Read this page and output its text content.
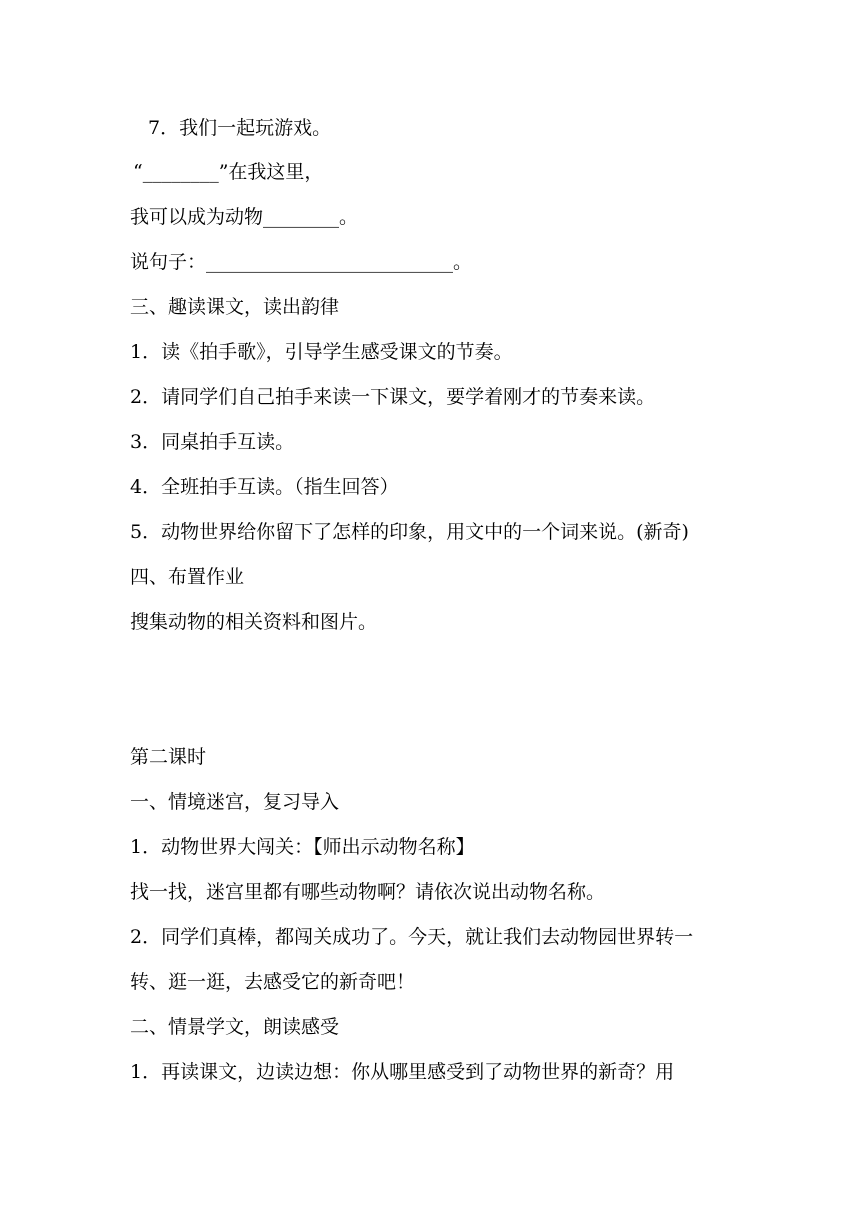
7．我们一起玩游戏。
“________”在我这里，
我可以成为动物________。
说句子：__________________________。
三、趣读课文，读出韵律
1．读《拍手歌》，引导学生感受课文的节奏。
2．请同学们自己拍手来读一下课文，要学着刚才的节奏来读。
3．同桌拍手互读。
4．全班拍手互读。（指生回答）
5．动物世界给你留下了怎样的印象，用文中的一个词来说。(新奇)
四、布置作业
搜集动物的相关资料和图片。
第二课时
一、情境迷宫，复习导入
1．动物世界大闯关：【师出示动物名称】
找一找，迷宫里都有哪些动物啊？请依次说出动物名称。
2．同学们真棒，都闯关成功了。今天，就让我们去动物园世界转一
转、逛一逛，去感受它的新奇吧！
二、情景学文，朗读感受
1．再读课文，边读边想：你从哪里感受到了动物世界的新奇？用
